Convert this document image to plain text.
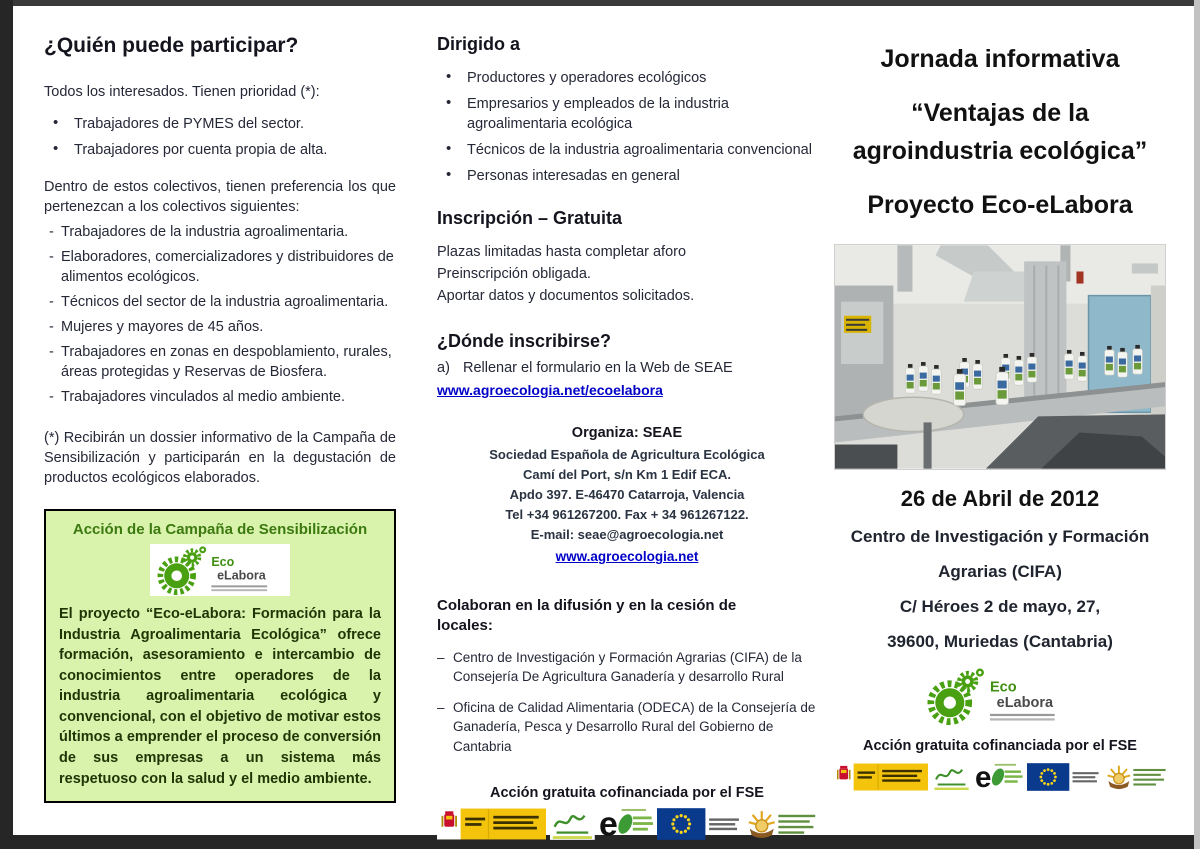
¿Quién puede participar?
Todos los interesados. Tienen prioridad (*):
• Trabajadores de PYMES del sector.
• Trabajadores por cuenta propia de alta.
Dentro de estos colectivos, tienen preferencia los que pertenezcan a los colectivos siguientes:
- Trabajadores de la industria agroalimentaria.
- Elaboradores, comercializadores y distribuidores de alimentos ecológicos.
- Técnicos del sector de la industria agroalimentaria.
- Mujeres y mayores de 45 años.
- Trabajadores en zonas en despoblamiento, rurales, áreas protegidas y Reservas de Biosfera.
- Trabajadores vinculados al medio ambiente.
(*) Recibirán un dossier informativo de la Campaña de Sensibilización y participarán en la degustación de productos ecológicos elaborados.
Acción de la Campaña de Sensibilización
Eco
eLabora
El proyecto “Eco-eLabora: Formación para la Industria Agroalimentaria Ecológica” ofrece formación, asesoramiento e intercambio de conocimientos entre operadores de la industria agroalimentaria ecológica y convencional, con el objetivo de motivar estos últimos a emprender el proceso de conversión de sus empresas a un sistema más respetuoso con la salud y el medio ambiente.
Dirigido a
• Productores y operadores ecológicos
• Empresarios y empleados de la industria agroalimentaria ecológica
• Técnicos de la industria agroalimentaria convencional
• Personas interesadas en general
Inscripción – Gratuita
Plazas limitadas hasta completar aforo
Preinscripción obligada.
Aportar datos y documentos solicitados.
¿Dónde inscribirse?
a) Rellenar el formulario en la Web de SEAE
www.agroecologia.net/ecoelabora
Organiza: SEAE
Sociedad Española de Agricultura Ecológica
Camí del Port, s/n Km 1 Edif ECA.
Apdo 397. E-46470 Catarroja, Valencia
Tel +34 961267200. Fax + 34 961267122.
E-mail: seae@agroecologia.net
www.agroecologia.net
Colaboran en la difusión y en la cesión de locales:
– Centro de Investigación y Formación Agrarias (CIFA) de la Consejería De Agricultura Ganadería y desarrollo Rural
– Oficina de Calidad Alimentaria (ODECA) de la Consejería de Ganadería, Pesca y Desarrollo Rural del Gobierno de Cantabria
Acción gratuita cofinanciada por el FSE
Jornada informativa
“Ventajas de la
agroindustria ecológica”
Proyecto Eco-eLabora
26 de Abril de 2012
Centro de Investigación y Formación
Agrarias (CIFA)
C/ Héroes 2 de mayo, 27,
39600, Muriedas (Cantabria)
Eco
eLabora
Acción gratuita cofinanciada por el FSE
